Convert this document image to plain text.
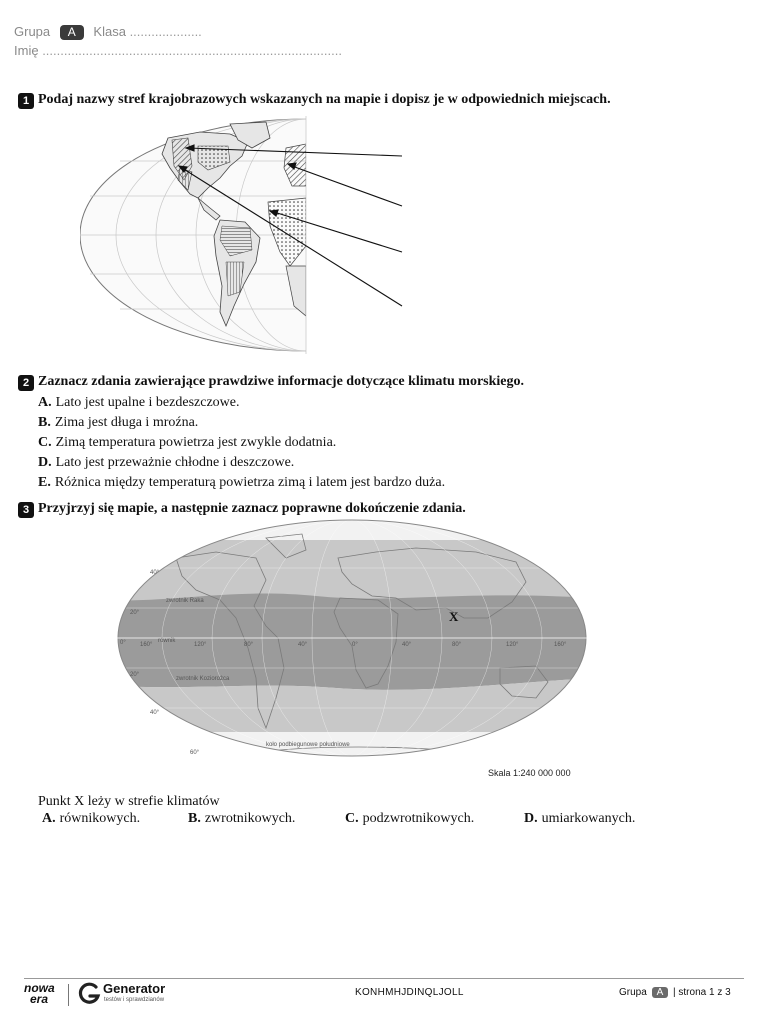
Grupa A Klasa ....................
Imię ...................................................................................
1 Podaj nazwy stref krajobrazowych wskazanych na mapie i dopisz je w odpowiednich miejscach.
2 Zaznacz zdania zawierające prawdziwe informacje dotyczące klimatu morskiego.
A. Lato jest upalne i bezdeszczowe.
B. Zima jest długa i mroźna.
C. Zimą temperatura powietrza jest zwykle dodatnia.
D. Lato jest przeważnie chłodne i deszczowe.
E. Różnica między temperaturą powietrza zimą i latem jest bardzo duża.
3 Przyjrzyj się mapie, a następnie zaznacz poprawne dokończenie zdania.
zwrotnik Raka
równik
zwrotnik Koziorożca
koło podbiegunowe południowe
40°
20°
0°
20°
40°
60°
160°	120°	80°	40°	0°	40°	80°	120°	160°
X
Skala 1:240 000 000
Punkt X leży w strefie klimatów
A. równikowych.	B. zwrotnikowych.	C. podzwrotnikowych.	D. umiarkowanych.
nowa
era
Generator
testów i sprawdzianów
KONHMHJDINQLJOLL	Grupa A | strona 1 z 3
